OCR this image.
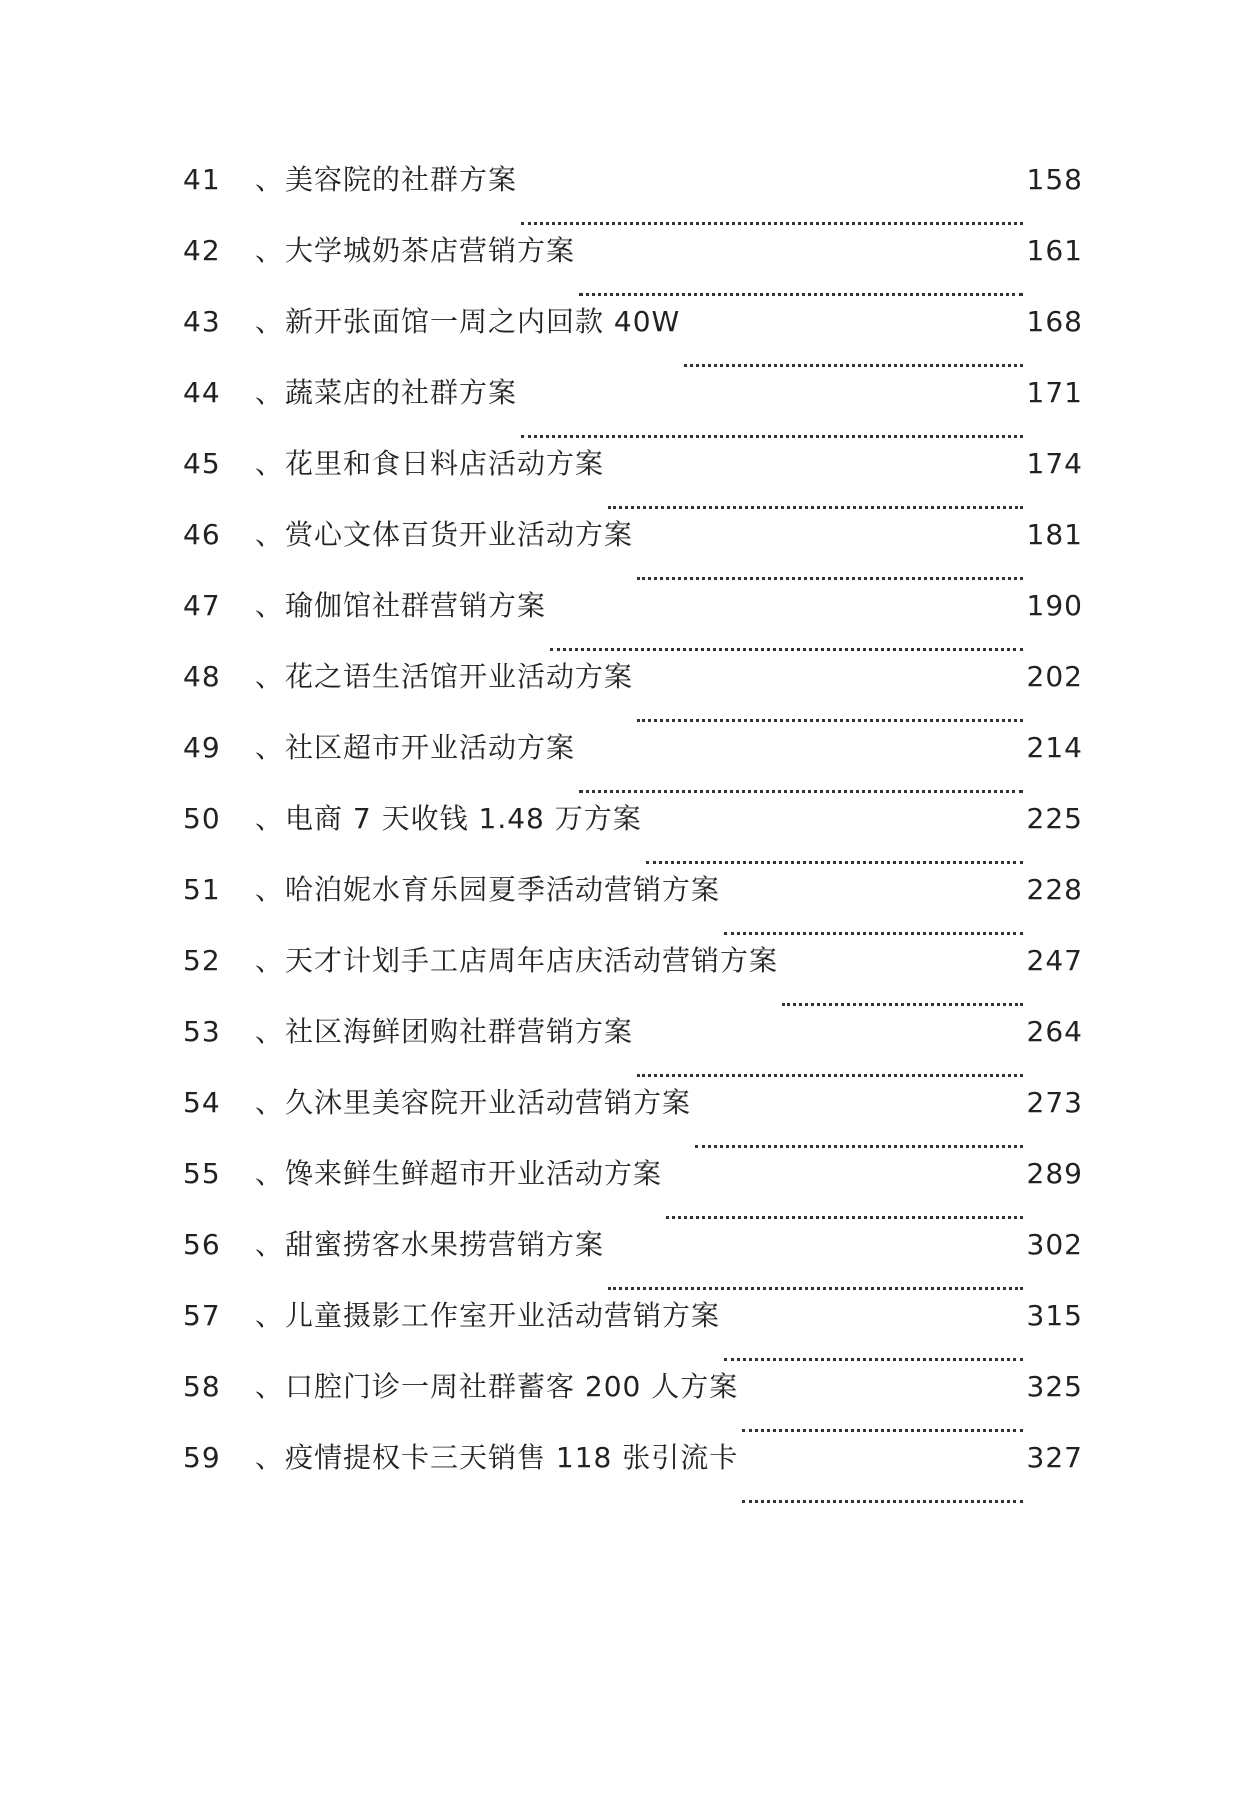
41	、 美容院的社群方案	158
42	、 大学城奶茶店营销方案	161
43	、 新开张面馆一周之内回款 40W	168
44	、 蔬菜店的社群方案	171
45	、 花里和食日料店活动方案	174
46	、 赏心文体百货开业活动方案	181
47	、 瑜伽馆社群营销方案	190
48	、 花之语生活馆开业活动方案	202
49	、 社区超市开业活动方案	214
50	、 电商 7 天收钱 1.48 万方案	225
51	、 哈泊妮水育乐园夏季活动营销方案	228
52	、 天才计划手工店周年店庆活动营销方案	247
53	、 社区海鲜团购社群营销方案	264
54	、 久沐里美容院开业活动营销方案	273
55	、 馋来鲜生鲜超市开业活动方案	289
56	、 甜蜜捞客水果捞营销方案	302
57	、 儿童摄影工作室开业活动营销方案	315
58	、 口腔门诊一周社群蓄客 200 人方案	325
59	、 疫情提权卡三天销售 118 张引流卡	327
